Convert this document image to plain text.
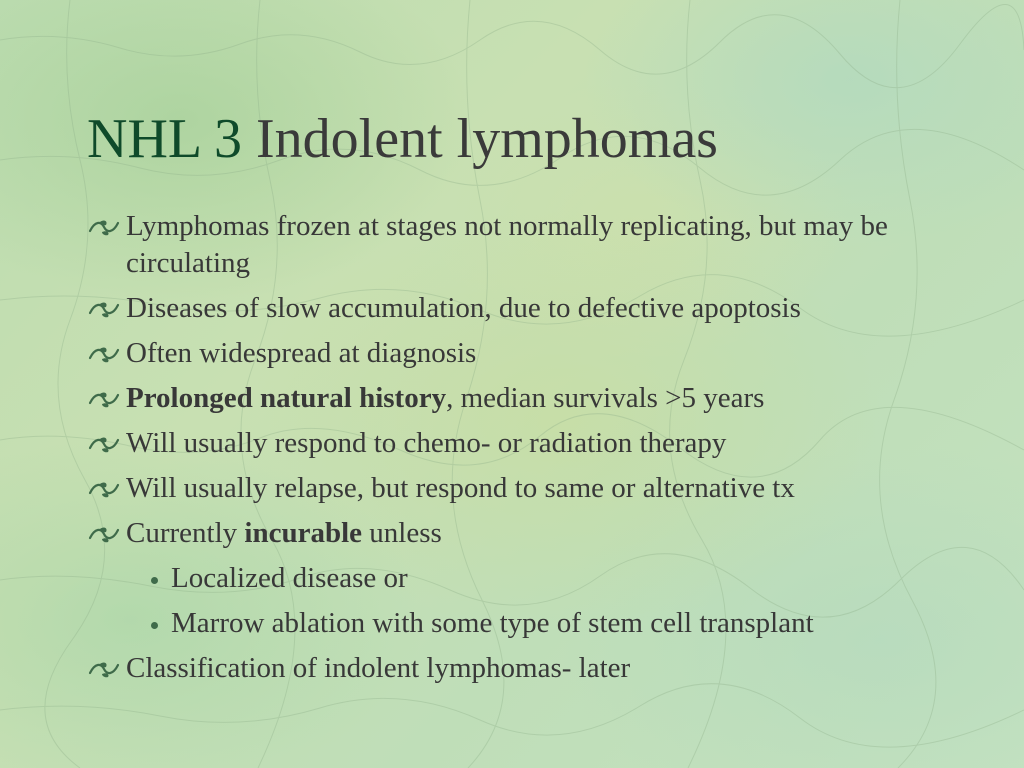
NHL 3 Indolent lymphomas
Lymphomas frozen at stages not normally replicating, but may be circulating
Diseases of slow accumulation, due to defective apoptosis
Often widespread at diagnosis
Prolonged natural history, median survivals >5 years
Will usually respond to chemo- or radiation therapy
Will usually relapse, but respond to same or alternative tx
Currently incurable unless
Localized disease or
Marrow ablation with some type of stem cell transplant
Classification of indolent lymphomas- later
